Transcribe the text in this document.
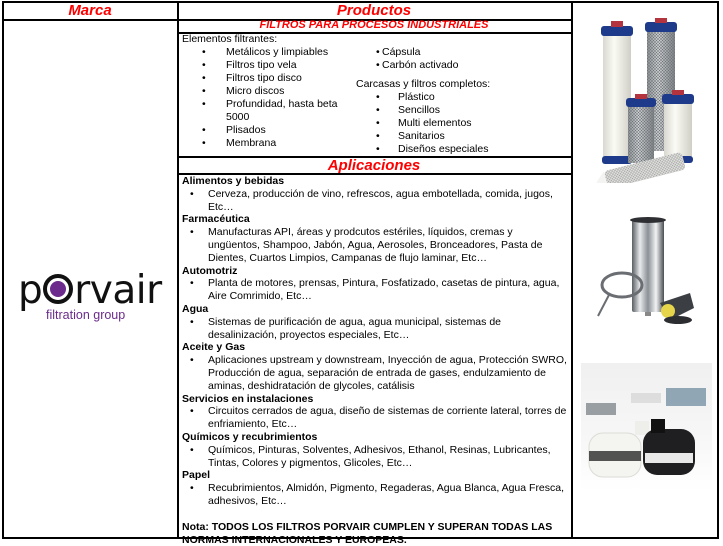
Marca	Productos
FILTROS PARA PROCESOS INDUSTRIALES
Elementos filtrantes:
• Metálicos y limpiables
• Filtros tipo vela
• Filtros tipo disco
• Micro discos
• Profundidad, hasta beta 5000
• Plisados
• Membrana
• Cápsula
• Carbón activado
Carcasas y filtros completos:
• Plástico
• Sencillos
• Multi elementos
• Sanitarios
• Diseños especiales
Aplicaciones
Alimentos y bebidas
• Cerveza, producción de vino, refrescos, agua embotellada, comida, jugos, Etc…
Farmacéutica
• Manufacturas API, áreas y prodcutos estériles, líquidos, cremas y ungüentos, Shampoo, Jabón, Agua, Aerosoles, Bronceadores, Pasta de Dientes, Cuartos Limpios, Campanas de flujo laminar, Etc…
Automotriz
• Planta de motores, prensas, Pintura, Fosfatizado, casetas de pintura, agua, Aire Comrimido, Etc…
Agua
• Sistemas de purificación de agua, agua municipal, sistemas de desalinización, proyectos especiales, Etc…
Aceite y Gas
• Aplicaciones upstream y downstream, Inyección de agua, Protección SWRO, Producción de agua, separación de entrada de gases, endulzamiento de aminas, deshidratación de glycoles, catálisis
Servicios en instalaciones
• Circuitos cerrados de agua, diseño de sistemas de corriente lateral, torres de enfriamiento, Etc…
Químicos y recubrimientos
• Químicos, Pinturas, Solventes, Adhesivos, Ethanol, Resinas, Lubricantes, Tintas, Colores y pigmentos, Glicoles, Etc…
Papel
• Recubrimientos, Almidón, Pigmento, Regaderas, Agua Blanca, Agua Fresca, adhesivos, Etc…
Nota: TODOS LOS FILTROS PORVAIR CUMPLEN Y SUPERAN TODAS LAS NORMAS INTERNACIONALES Y EUROPEAS.
p rvair
filtration group
